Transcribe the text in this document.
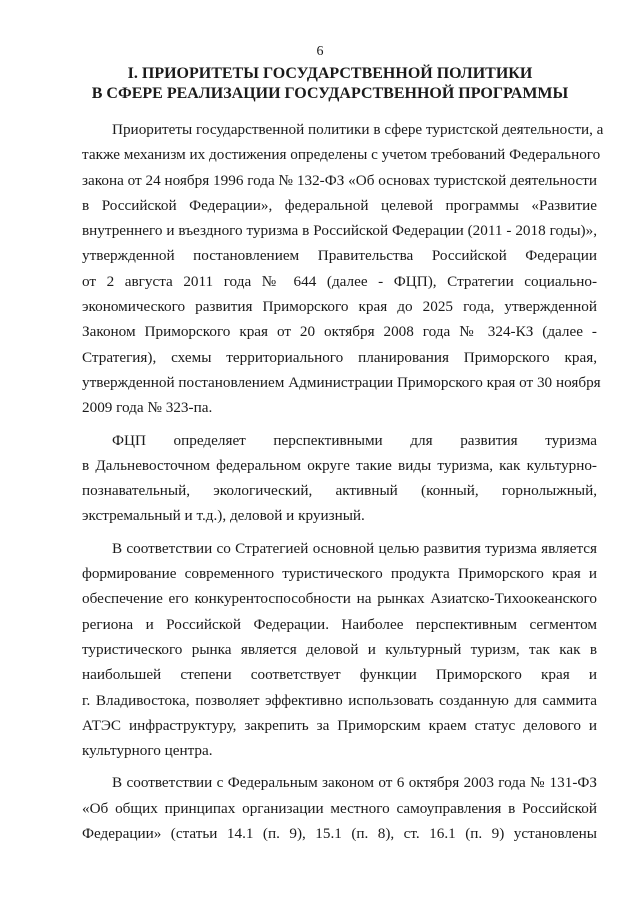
6
I. ПРИОРИТЕТЫ ГОСУДАРСТВЕННОЙ ПОЛИТИКИ
В СФЕРЕ РЕАЛИЗАЦИИ ГОСУДАРСТВЕННОЙ ПРОГРАММЫ
Приоритеты государственной политики в сфере туристской деятельности, а
также механизм их достижения определены с учетом требований Федерального
закона от 24 ноября 1996 года № 132-ФЗ «Об основах туристской деятельности
в Российской Федерации», федеральной целевой программы «Развитие
внутреннего и въездного туризма в Российской Федерации (2011 - 2018 годы)»,
утвержденной постановлением Правительства Российской Федерации
от 2 августа 2011 года № 644 (далее - ФЦП), Стратегии социально-
экономического развития Приморского края до 2025 года, утвержденной
Законом Приморского края от 20 октября 2008 года № 324-КЗ (далее -
Стратегия), схемы территориального планирования Приморского края,
утвержденной постановлением Администрации Приморского края от 30 ноября
2009 года № 323-па.
ФЦП определяет перспективными для развития туризма
в Дальневосточном федеральном округе такие виды туризма, как культурно-
познавательный, экологический, активный (конный, горнолыжный,
экстремальный и т.д.), деловой и круизный.
В соответствии со Стратегией основной целью развития туризма является
формирование современного туристического продукта Приморского края и
обеспечение его конкурентоспособности на рынках Азиатско-Тихоокеанского
региона и Российской Федерации. Наиболее перспективным сегментом
туристического рынка является деловой и культурный туризм, так как в
наибольшей степени соответствует функции Приморского края и
г. Владивостока, позволяет эффективно использовать созданную для саммита
АТЭС инфраструктуру, закрепить за Приморским краем статус делового и
культурного центра.
В соответствии с Федеральным законом от 6 октября 2003 года № 131-ФЗ
«Об общих принципах организации местного самоуправления в Российской
Федерации» (статьи 14.1 (п. 9), 15.1 (п. 8), ст. 16.1 (п. 9) установлены
